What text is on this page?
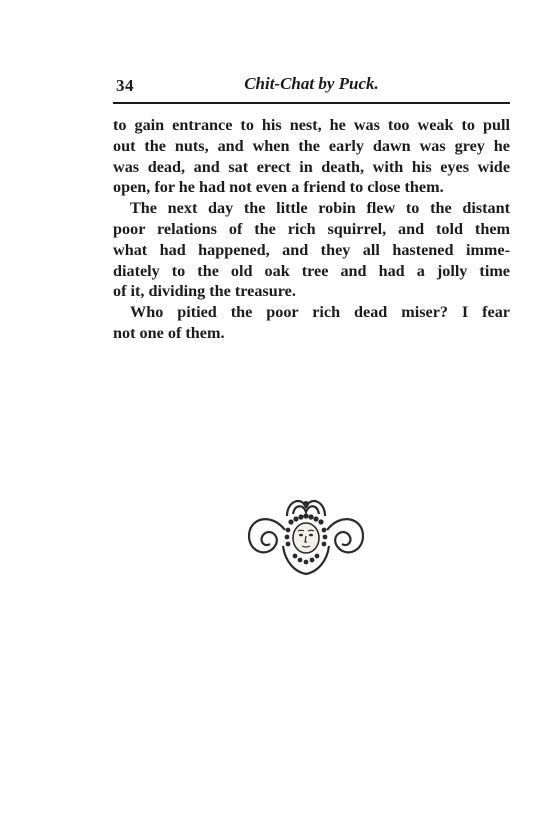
34	Chit-Chat by Puck.
to gain entrance to his nest, he was too weak to pull
out the nuts, and when the early dawn was grey he
was dead, and sat erect in death, with his eyes wide
open, for he had not even a friend to close them.
The next day the little robin flew to the distant
poor relations of the rich squirrel, and told them
what had happened, and they all hastened imme-
diately to the old oak tree and had a jolly time
of it, dividing the treasure.
Who pitied the poor rich dead miser? I fear
not one of them.
